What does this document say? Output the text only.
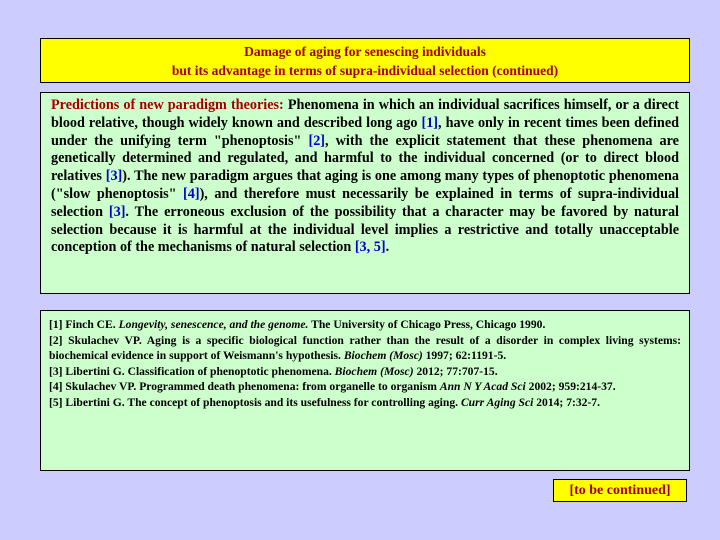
Damage of aging for senescing individuals
but its advantage in terms of supra-individual selection (continued)
Predictions of new paradigm theories: Phenomena in which an individual sacrifices himself, or a direct blood relative, though widely known and described long ago [1], have only in recent times been defined under the unifying term "phenoptosis" [2], with the explicit statement that these phenomena are genetically determined and regulated, and harmful to the individual concerned (or to direct blood relatives [3]). The new paradigm argues that aging is one among many types of phenoptotic phenomena ("slow phenoptosis" [4]), and therefore must necessarily be explained in terms of supra-individual selection [3]. The erroneous exclusion of the possibility that a character may be favored by natural selection because it is harmful at the individual level implies a restrictive and totally unacceptable conception of the mechanisms of natural selection [3, 5].

[1] Finch CE. Longevity, senescence, and the genome. The University of Chicago Press, Chicago 1990.

[2] Skulachev VP. Aging is a specific biological function rather than the result of a disorder in complex living systems: biochemical evidence in support of Weismann's hypothesis. Biochem (Mosc) 1997; 62:1191-5.

[3] Libertini G. Classification of phenoptotic phenomena. Biochem (Mosc) 2012; 77:707-15.

[4] Skulachev VP. Programmed death phenomena: from organelle to organism Ann N Y Acad Sci 2002; 959:214-37.

[5] Libertini G. The concept of phenoptosis and its usefulness for controlling aging. Curr Aging Sci 2014; 7:32-7.

[to be continued]
